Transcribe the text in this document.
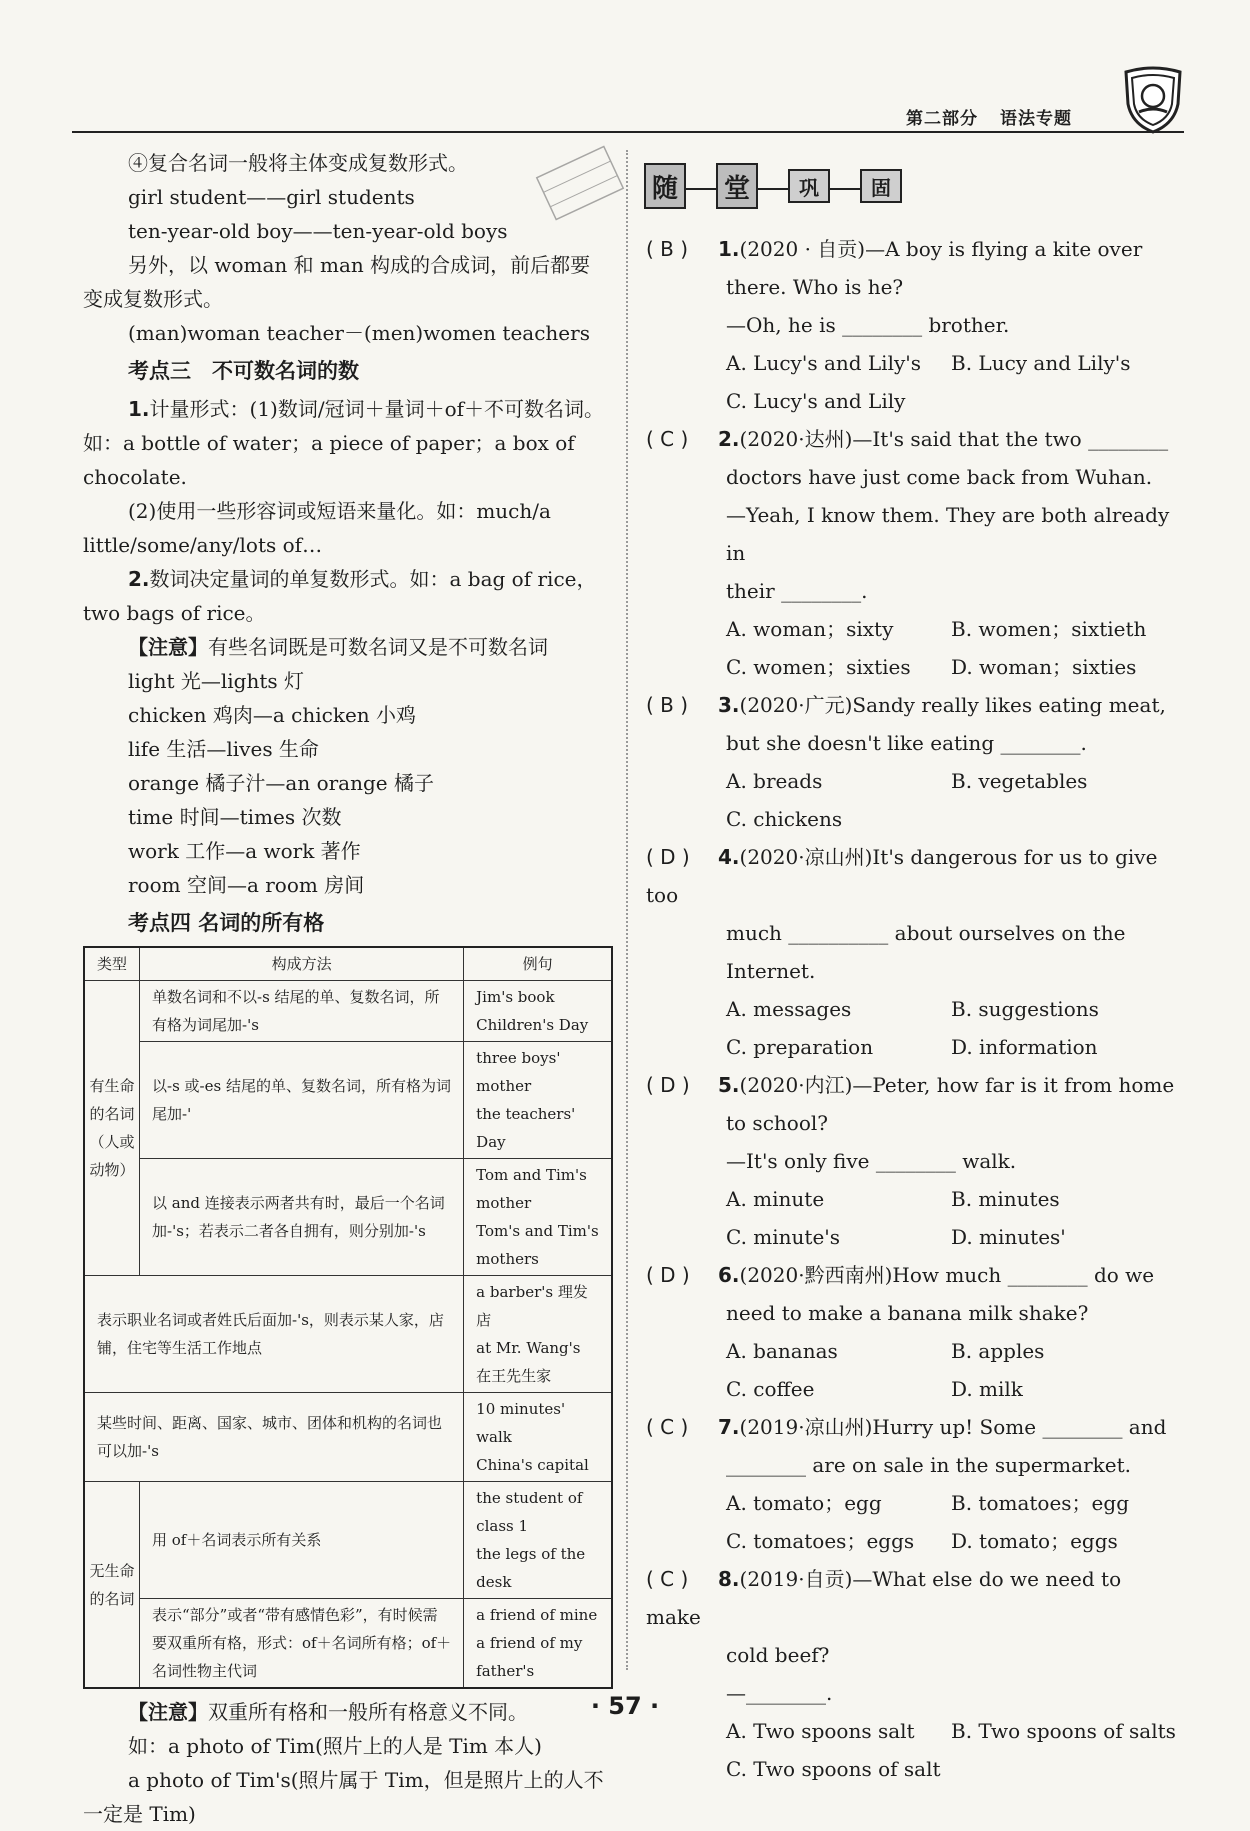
第二部分 语法专题

④复合名词一般将主体变成复数形式。

girl student——girl students

ten-year-old boy——ten-year-old boys

另外，以 woman 和 man 构成的合成词，前后都要

变成复数形式。

(man)woman teacher－(men)women teachers

考点三　不可数名词的数

1.计量形式：(1)数词/冠词＋量词＋of＋不可数名词。如：a bottle of water；a piece of paper；a box of chocolate.

(2)使用一些形容词或短语来量化。如：much/a little/some/any/lots of…

2.数词决定量词的单复数形式。如：a bag of rice，two bags of rice。

【注意】有些名词既是可数名词又是不可数名词

light 光—lights 灯

chicken 鸡肉—a chicken 小鸡

life 生活—lives 生命

orange 橘子汁—an orange 橘子

time 时间—times 次数

work 工作—a work 著作

room 空间—a room 房间

考点四 名词的所有格

类型	构成方法	例句
有生命的名词（人或动物）	单数名词和不以-s 结尾的单、复数名词，所有格为词尾加-'s	Jim's book
Children's Day

	以-s 或-es 结尾的单、复数名词，所有格为词尾加-'	three boys' mother
the teachers' Day

	以 and 连接表示两者共有时，最后一个名词加-'s；若表示二者各自拥有，则分别加-'s	Tom and Tim's mother
Tom's and Tim's mothers

表示职业名词或者姓氏后面加-'s，则表示某人家，店铺，住宅等生活工作地点		a barber's 理发店
at Mr. Wang's 在王先生家

某些时间、距离、国家、城市、团体和机构的名词也可以加-'s		10 minutes' walk
China's capital

无生命的名词	用 of＋名词表示所有关系	the student of class 1
the legs of the desk

	表示“部分”或者“带有感情色彩”，有时候需要双重所有格，形式：of＋名词所有格；of＋名词性物主代词	a friend of mine
a friend of my father's

【注意】双重所有格和一般所有格意义不同。

如：a photo of Tim(照片上的人是 Tim 本人)

a photo of Tim's(照片属于 Tim，但是照片上的人不一定是 Tim)

随	堂	巩	固

( B ) 1.(2020 · 自贡)—A boy is flying a kite over

there. Who is he?

—Oh, he is ________ brother.

A. Lucy's and Lily's	B. Lucy and Lily's
C. Lucy's and Lily

( C ) 2.(2020·达州)—It's said that the two ________

doctors have just come back from Wuhan.

—Yeah, I know them. They are both already in

their ________.

A. woman；sixty	B. women；sixtieth
C. women；sixties	D. woman；sixties

( B ) 3.(2020·广元)Sandy really likes eating meat,

but she doesn't like eating ________.

A. breads	B. vegetables
C. chickens

( D ) 4.(2020·凉山州)It's dangerous for us to give too

much __________ about ourselves on the

Internet.

A. messages	B. suggestions
C. preparation	D. information

( D ) 5.(2020·内江)—Peter, how far is it from home

to school?

—It's only five ________ walk.

A. minute	B. minutes
C. minute's	D. minutes'

( D ) 6.(2020·黔西南州)How much ________ do we

need to make a banana milk shake?

A. bananas	B. apples
C. coffee	D. milk

( C ) 7.(2019·凉山州)Hurry up! Some ________ and

________ are on sale in the supermarket.

A. tomato；egg	B. tomatoes；egg
C. tomatoes；eggs	D. tomato；eggs

( C ) 8.(2019·自贡)—What else do we need to make

cold beef?

—________.

A. Two spoons salt	B. Two spoons of salts
C. Two spoons of salt
· 57 ·
